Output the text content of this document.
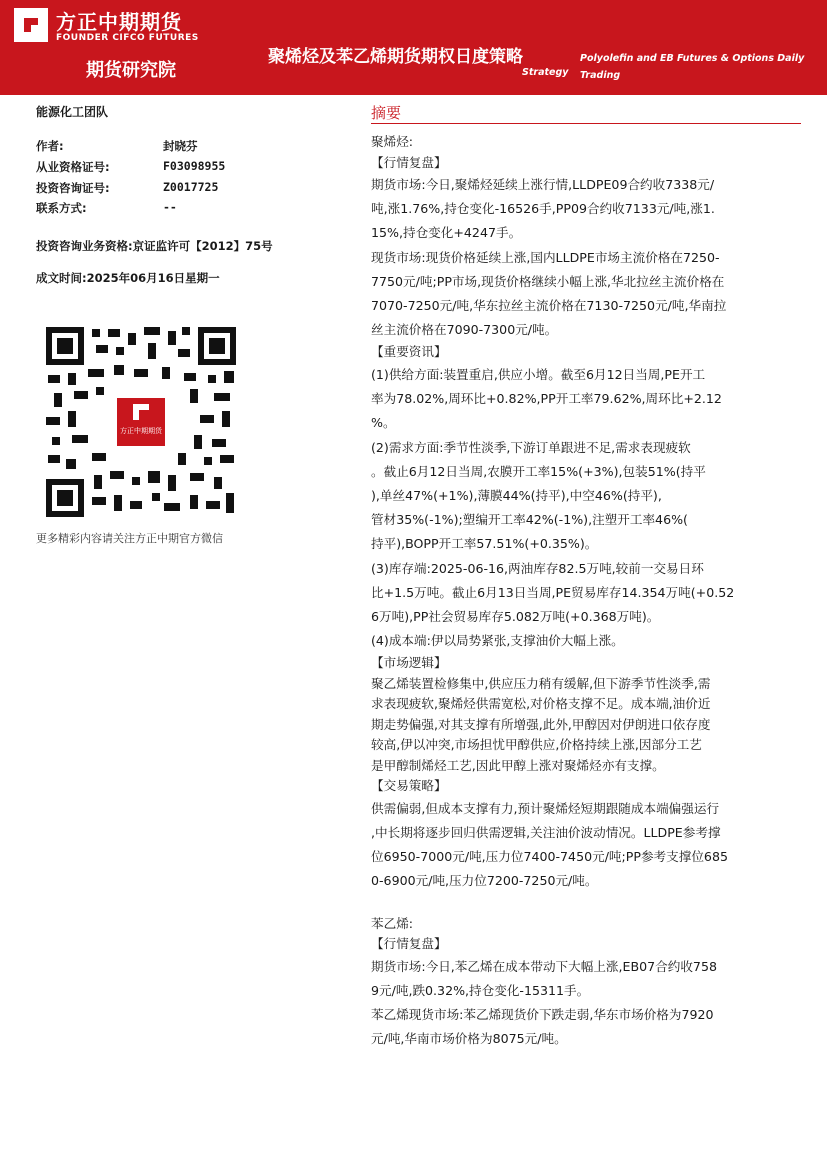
方正中期期货
FOUNDER CIFCO FUTURES
期货研究院
聚烯烃及苯乙烯期货期权日度策略	Polyolefin and EB Futures & Options Daily Trading
Strategy
能源化工团队
作者:	封晓芬
从业资格证号:	F03098955
投资咨询证号:	Z0017725
联系方式:	--
投资咨询业务资格:京证监许可【2012】75号
成文时间:2025年06月16日星期一
方正中期期货
更多精彩内容请关注方正中期官方微信
摘要

聚烯烃:

【行情复盘】

期货市场:今日,聚烯烃延续上涨行情,LLDPE09合约收7338元/

吨,涨1.76%,持仓变化-16526手,PP09合约收7133元/吨,涨1.

15%,持仓变化+4247手。

现货市场:现货价格延续上涨,国内LLDPE市场主流价格在7250-

7750元/吨;PP市场,现货价格继续小幅上涨,华北拉丝主流价格在

7070-7250元/吨,华东拉丝主流价格在7130-7250元/吨,华南拉

丝主流价格在7090-7300元/吨。

【重要资讯】

(1)供给方面:装置重启,供应小增。截至6月12日当周,PE开工

率为78.02%,周环比+0.82%,PP开工率79.62%,周环比+2.12

%。

(2)需求方面:季节性淡季,下游订单跟进不足,需求表现疲软

。截止6月12日当周,农膜开工率15%(+3%),包装51%(持平

),单丝47%(+1%),薄膜44%(持平),中空46%(持平),

管材35%(-1%);塑编开工率42%(-1%),注塑开工率46%(

持平),BOPP开工率57.51%(+0.35%)。

(3)库存端:2025-06-16,两油库存82.5万吨,较前一交易日环

比+1.5万吨。截止6月13日当周,PE贸易库存14.354万吨(+0.52

6万吨),PP社会贸易库存5.082万吨(+0.368万吨)。

(4)成本端:伊以局势紧张,支撑油价大幅上涨。

【市场逻辑】

聚乙烯装置检修集中,供应压力稍有缓解,但下游季节性淡季,需

求表现疲软,聚烯烃供需宽松,对价格支撑不足。成本端,油价近

期走势偏强,对其支撑有所增强,此外,甲醇因对伊朗进口依存度

较高,伊以冲突,市场担忧甲醇供应,价格持续上涨,因部分工艺

是甲醇制烯烃工艺,因此甲醇上涨对聚烯烃亦有支撑。

【交易策略】

供需偏弱,但成本支撑有力,预计聚烯烃短期跟随成本端偏强运行

,中长期将逐步回归供需逻辑,关注油价波动情况。LLDPE参考撑

位6950-7000元/吨,压力位7400-7450元/吨;PP参考支撑位685

0-6900元/吨,压力位7200-7250元/吨。

苯乙烯:

【行情复盘】

期货市场:今日,苯乙烯在成本带动下大幅上涨,EB07合约收758

9元/吨,跌0.32%,持仓变化-15311手。

苯乙烯现货市场:苯乙烯现货价下跌走弱,华东市场价格为7920

元/吨,华南市场价格为8075元/吨。
